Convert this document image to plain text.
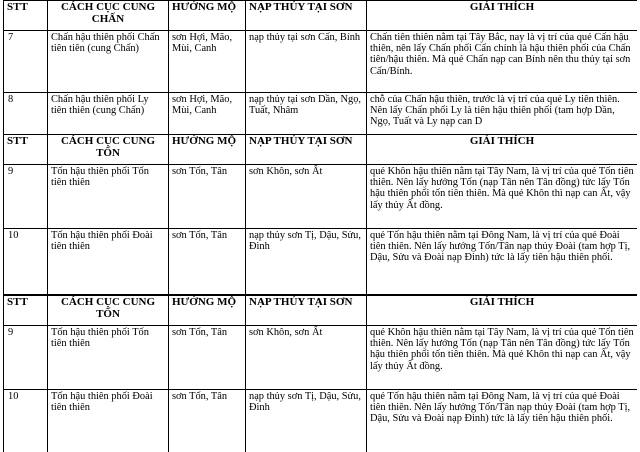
STT	CÁCH CỤC CUNG CHẤN	HƯỚNG MỘ	NẠP THỦY TẠI SƠN	GIẢI THÍCH
7	Chấn hậu thiên phối Chấn tiên tiên (cung Chấn)	sơn Hợi, Mão, Mùi, Canh	nạp thủy tại sơn Cấn, Bính	Chấn tiên thiên nằm tại Tây Bắc, nay là vị trí của quẻ Cấn hậu thiên, nên lấy Chấn phối Cấn chính là hậu thiên phối của Chấn tiên/hậu thiên. Mà quẻ Chấn nạp can Bính nên thu thủy tại sơn Cấn/Bính.
8	Chấn hậu thiên phối Ly tiên thiên (cung Chấn)	sơn Hợi, Mão, Mùi, Canh	nạp thủy tại sơn Dần, Ngọ, Tuất, Nhâm	chỗ của Chấn hậu thiên, trước là vị trí của quẻ Ly tiên thiên. Nên lấy Chấn phối Ly là tiên hậu thiên phối (tam hợp Dần, Ngọ, Tuất và Ly nạp can D
STT	CÁCH CỤC CUNG TỐN	HƯỚNG MỘ	NẠP THỦY TẠI SƠN	GIẢI THÍCH
9	Tốn hậu thiên phối Tốn tiên thiên	sơn Tốn, Tân	sơn Khôn, sơn Ất	quẻ Khôn hậu thiên nằm tại Tây Nam, là vị trí của quẻ Tốn tiên thiên. Nên lấy hướng Tốn (nạp Tân nên Tân đồng) tức lấy Tốn hậu thiên phối tốn tiên thiên. Mà quẻ Khôn thì nạp can Ất, vậy lấy thủy Ất đồng.
10	Tốn hậu thiên phối Đoài tiên thiên	sơn Tốn, Tân	nạp thủy sơn Tị, Dậu, Sửu, Đinh	quẻ Tốn hậu thiên nằm tại Đông Nam, là vị trí của quẻ Đoài tiên thiên. Nên lấy hướng Tốn/Tân nạp thủy Đoài (tam hợp Tị, Dậu, Sửu và Đoài nạp Đinh) tức là lấy tiên hậu thiên phối.
STT	CÁCH CỤC CUNG TỐN	HƯỚNG MỘ	NẠP THỦY TẠI SƠN	GIẢI THÍCH
9	Tốn hậu thiên phối Tốn tiên thiên	sơn Tốn, Tân	sơn Khôn, sơn Ất	quẻ Khôn hậu thiên nằm tại Tây Nam, là vị trí của quẻ Tốn tiên thiên. Nên lấy hướng Tốn (nạp Tân nên Tân đồng) tức lấy Tốn hậu thiên phối tốn tiên thiên. Mà quẻ Khôn thì nạp can Ất, vậy lấy thủy Ất đồng.
10	Tốn hậu thiên phối Đoài tiên thiên	sơn Tốn, Tân	nạp thủy sơn Tị, Dậu, Sửu, Đinh	quẻ Tốn hậu thiên nằm tại Đông Nam, là vị trí của quẻ Đoài tiên thiên. Nên lấy hướng Tốn/Tân nạp thủy Đoài (tam hợp Tị, Dậu, Sửu và Đoài nạp Đinh) tức là lấy tiên hậu thiên phối.
